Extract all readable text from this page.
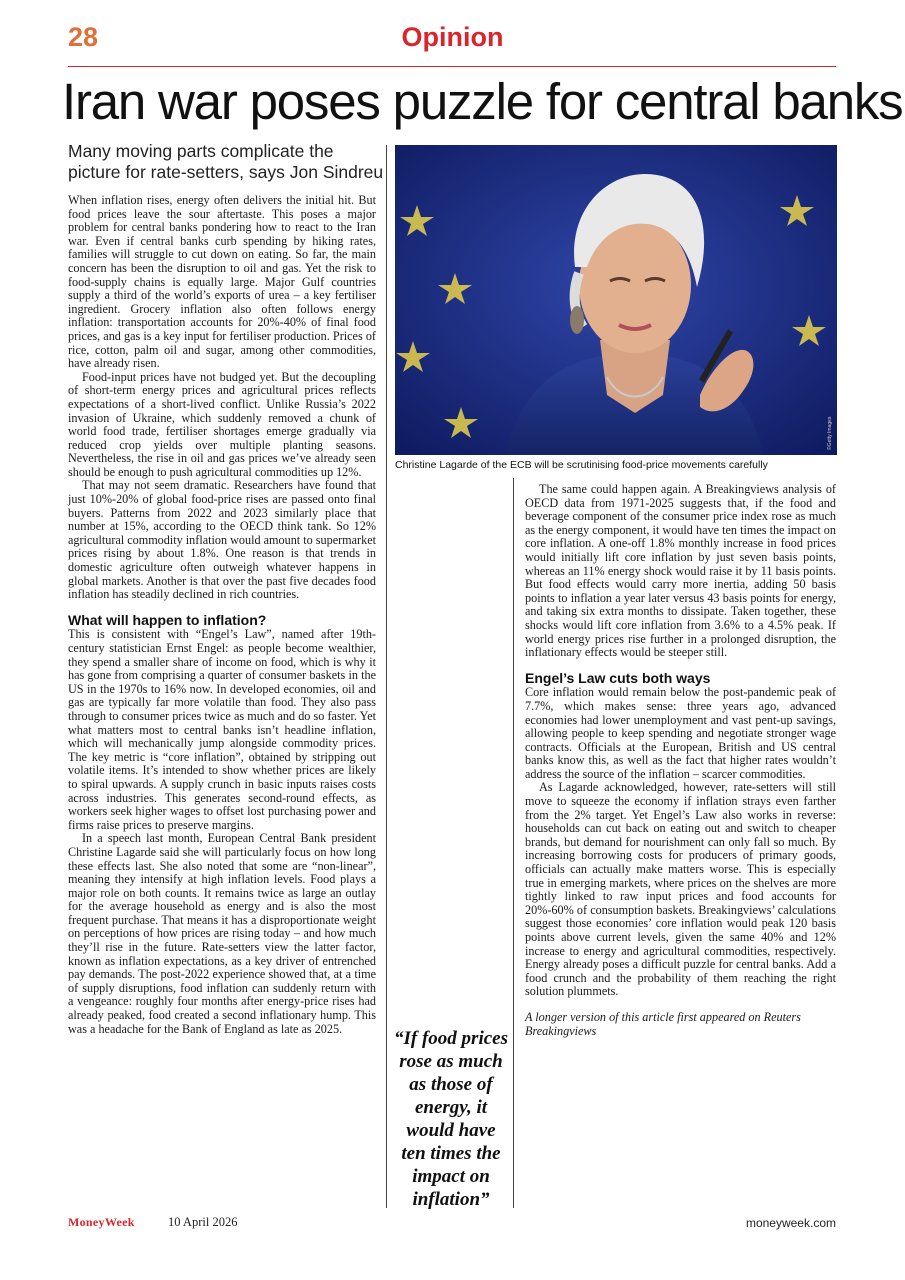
28	Opinion
Iran war poses puzzle for central banks
Many moving parts complicate the picture for rate-setters, says Jon Sindreu
©Getty Images
Christine Lagarde of the ECB will be scrutinising food-price movements carefully

When inflation rises, energy often delivers the initial hit. But food prices leave the sour aftertaste. This poses a major problem for central banks pondering how to react to the Iran war. Even if central banks curb spending by hiking rates, families will struggle to cut down on eating. So far, the main concern has been the disruption to oil and gas. Yet the risk to food-supply chains is equally large. Major Gulf countries supply a third of the world’s exports of urea – a key fertiliser ingredient. Grocery inflation also often follows energy inflation: transportation accounts for 20%-40% of final food prices, and gas is a key input for fertiliser production. Prices of rice, cotton, palm oil and sugar, among other commodities, have already risen.

Food-input prices have not budged yet. But the decoupling of short-term energy prices and agricultural prices reflects expectations of a short-lived conflict. Unlike Russia’s 2022 invasion of Ukraine, which suddenly removed a chunk of world food trade, fertiliser shortages emerge gradually via reduced crop yields over multiple planting seasons. Nevertheless, the rise in oil and gas prices we’ve already seen should be enough to push agricultural commodities up 12%.

That may not seem dramatic. Researchers have found that just 10%-20% of global food-price rises are passed onto final buyers. Patterns from 2022 and 2023 similarly place that number at 15%, according to the OECD think tank. So 12% agricultural commodity inflation would amount to supermarket prices rising by about 1.8%. One reason is that trends in domestic agriculture often outweigh whatever happens in global markets. Another is that over the past five decades food inflation has steadily declined in rich countries.

What will happen to inflation?

This is consistent with “Engel’s Law”, named after 19th-century statistician Ernst Engel: as people become wealthier, they spend a smaller share of income on food, which is why it has gone from comprising a quarter of consumer baskets in the US in the 1970s to 16% now. In developed economies, oil and gas are typically far more volatile than food. They also pass through to consumer prices twice as much and do so faster. Yet what matters most to central banks isn’t headline inflation, which will mechanically jump alongside commodity prices. The key metric is “core inflation”, obtained by stripping out volatile items. It’s intended to show whether prices are likely to spiral upwards. A supply crunch in basic inputs raises costs across industries. This generates second-round effects, as workers seek higher wages to offset lost purchasing power and firms raise prices to preserve margins.

In a speech last month, European Central Bank president Christine Lagarde said she will particularly focus on how long these effects last. She also noted that some are “non-linear”, meaning they intensify at high inflation levels. Food plays a major role on both counts. It remains twice as large an outlay for the average household as energy and is also the most frequent purchase. That means it has a disproportionate weight on perceptions of how prices are rising today – and how much they’ll rise in the future. Rate-setters view the latter factor, known as inflation expectations, as a key driver of entrenched pay demands. The post-2022 experience showed that, at a time of supply disruptions, food inflation can suddenly return with a vengeance: roughly four months after energy-price rises had already peaked, food created a second inflationary hump. This was a headache for the Bank of England as late as 2025.	“If food prices rose as much as those of energy, it would have ten times the impact on inflation”

The same could happen again. A Breakingviews analysis of OECD data from 1971-2025 suggests that, if the food and beverage component of the consumer price index rose as much as the energy component, it would have ten times the impact on core inflation. A one-off 1.8% monthly increase in food prices would initially lift core inflation by just seven basis points, whereas an 11% energy shock would raise it by 11 basis points. But food effects would carry more inertia, adding 50 basis points to inflation a year later versus 43 basis points for energy, and taking six extra months to dissipate. Taken together, these shocks would lift core inflation from 3.6% to a 4.5% peak. If world energy prices rise further in a prolonged disruption, the inflationary effects would be steeper still.

Engel’s Law cuts both ways

Core inflation would remain below the post-pandemic peak of 7.7%, which makes sense: three years ago, advanced economies had lower unemployment and vast pent-up savings, allowing people to keep spending and negotiate stronger wage contracts. Officials at the European, British and US central banks know this, as well as the fact that higher rates wouldn’t address the source of the inflation – scarcer commodities.

As Lagarde acknowledged, however, rate-setters will still move to squeeze the economy if inflation strays even farther from the 2% target. Yet Engel’s Law also works in reverse: households can cut back on eating out and switch to cheaper brands, but demand for nourishment can only fall so much. By increasing borrowing costs for producers of primary goods, officials can actually make matters worse. This is especially true in emerging markets, where prices on the shelves are more tightly linked to raw input prices and food accounts for 20%-60% of consumption baskets. Breakingviews’ calculations suggest those economies’ core inflation would peak 120 basis points above current levels, given the same 40% and 12% increase to energy and agricultural commodities, respectively. Energy already poses a difficult puzzle for central banks. Add a food crunch and the probability of them reaching the right solution plummets.

A longer version of this article first appeared on Reuters Breakingviews

MoneyWeek	10 April 2026	moneyweek.com
